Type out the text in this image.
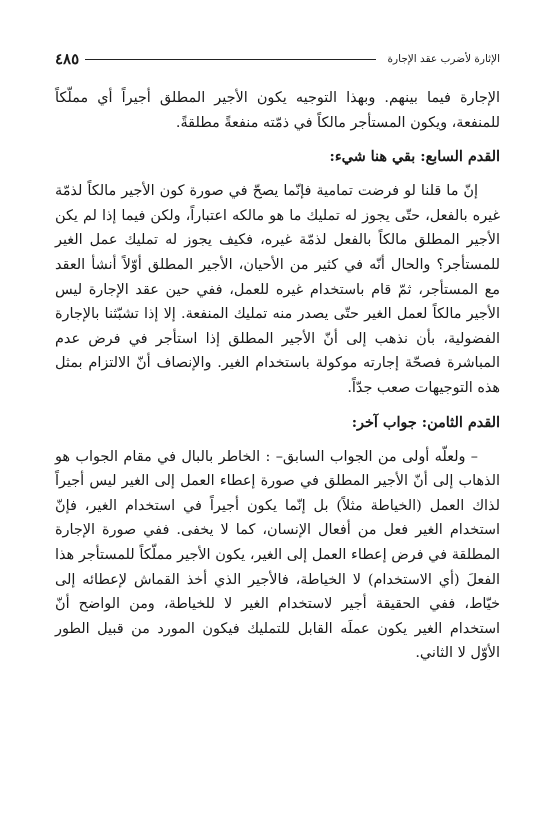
الإثارة لأضرب عقد الإجارة
٤٨٥

الإجارة فيما بينهم. وبهذا التوجيه يكون الأجير المطلق أجيراً أي مملّكاً للمنفعة، ويكون المستأجر مالكاً في ذمّته منفعةً مطلقةً.

القدم السابع: بقي هنا شيء:

إنّ ما قلنا لو فرضت تمامية فإنّما يصحّ في صورة كون الأجير مالكاً لذمّة غيره بالفعل، حتّى يجوز له تمليك ما هو مالكه اعتباراً، ولكن فيما إذا لم يكن الأجير المطلق مالكاً بالفعل لذمّة غيره، فكيف يجوز له تمليك عمل الغير للمستأجر؟ والحال أنّه في كثير من الأحيان، الأجير المطلق أوّلاً أنشأ العقد مع المستأجر، ثمّ قام باستخدام غيره للعمل، ففي حين عقد الإجارة ليس الأجير مالكاً لعمل الغير حتّى يصدر منه تمليك المنفعة. إلا إذا تشبّثنا بالإجارة الفضولية، بأن نذهب إلى أنّ الأجير المطلق إذا استأجر في فرض عدم المباشرة فصحّة إجارته موكولة باستخدام الغير. والإنصاف أنّ الالتزام بمثل هذه التوجيهات صعب جدّاً.

القدم الثامن: جواب آخر:

– ولعلّه أولى من الجواب السابق– : الخاطر بالبال في مقام الجواب هو الذهاب إلى أنّ الأجير المطلق في صورة إعطاء العمل إلى الغير ليس أجيراً لذاك العمل (الخياطة مثلاً) بل إنّما يكون أجيراً في استخدام الغير، فإنّ استخدام الغير فعل من أفعال الإنسان، كما لا يخفى. ففي صورة الإجارة المطلقة في فرض إعطاء العمل إلى الغير، يكون الأجير مملّكاً للمستأجر هذا الفعلَ (أي الاستخدام) لا الخياطة، فالأجير الذي أخذ القماش لإعطائه إلى خيّاط، ففي الحقيقة أجير لاستخدام الغير لا للخياطة، ومن الواضح أنّ استخدام الغير يكون عملَه القابل للتمليك فيكون المورد من قبيل الطور الأوّل لا الثاني.
